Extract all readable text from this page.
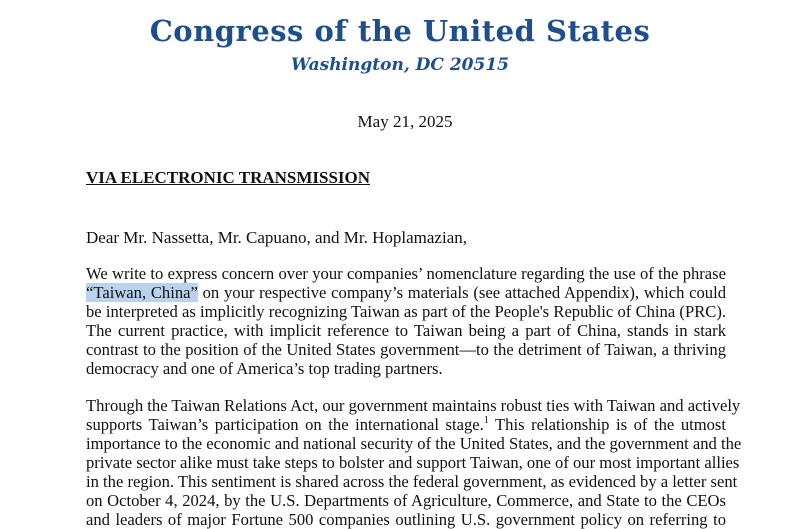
Congress of the United States
Washington, DC 20515
May 21, 2025
VIA ELECTRONIC TRANSMISSION
Dear Mr. Nassetta, Mr. Capuano, and Mr. Hoplamazian,
We write to express concern over your companies’ nomenclature regarding the use of the phrase
“Taiwan, China” on your respective company’s materials (see attached Appendix), which could
be interpreted as implicitly recognizing Taiwan as part of the People's Republic of China (PRC).
The current practice, with implicit reference to Taiwan being a part of China, stands in stark
contrast to the position of the United States government—to the detriment of Taiwan, a thriving
democracy and one of America’s top trading partners.
Through the Taiwan Relations Act, our government maintains robust ties with Taiwan and actively
supports Taiwan’s participation on the international stage.$^1$ This relationship is of the utmost
importance to the economic and national security of the United States, and the government and the
private sector alike must take steps to bolster and support Taiwan, one of our most important allies
in the region. This sentiment is shared across the federal government, as evidenced by a letter sent
on October 4, 2024, by the U.S. Departments of Agriculture, Commerce, and State to the CEOs
and leaders of major Fortune 500 companies outlining U.S. government policy on referring to
